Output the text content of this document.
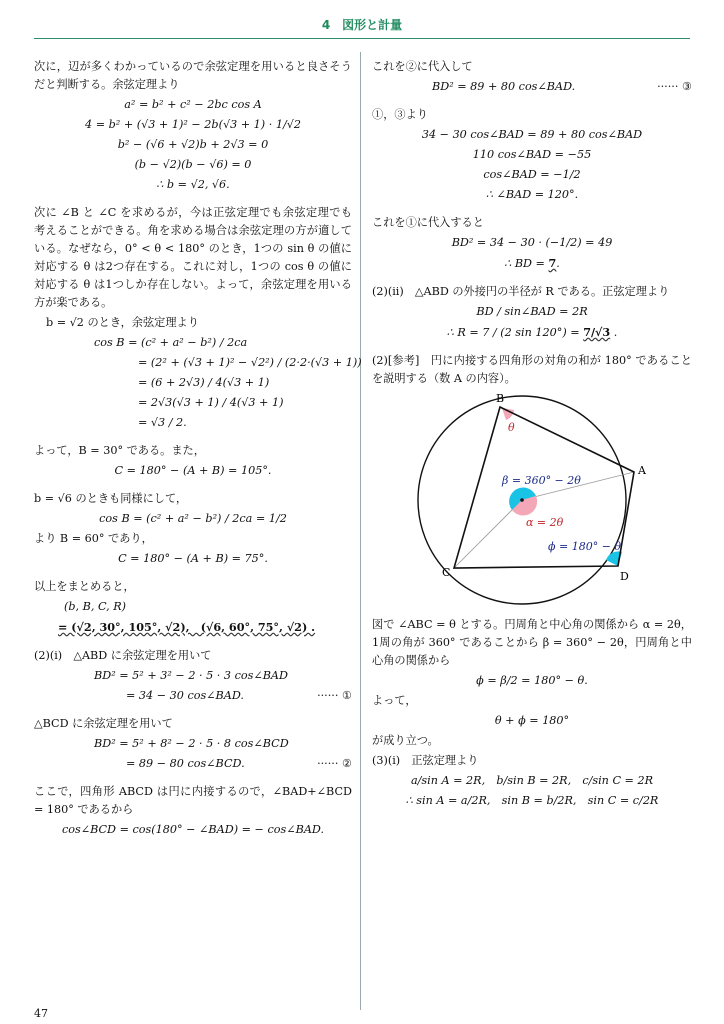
4　図形と計量

次に，辺が多くわかっているので余弦定理を用いると良さそうだと判断する。余弦定理より

a² = b² + c² − 2bc cos A
4 = b² + (√3 + 1)² − 2b(√3 + 1) · 1/√2
b² − (√6 + √2)b + 2√3 = 0
(b − √2)(b − √6) = 0
∴ b = √2, √6.

次に ∠B と ∠C を求めるが，今は正弦定理でも余弦定理でも考えることができる。角を求める場合は余弦定理の方が適している。なぜなら，0° < θ < 180° のとき，1つの sin θ の値に対応する θ は2つ存在する。これに対し，1つの cos θ の値に対応する θ は1つしか存在しない。よって，余弦定理を用いる方が楽である。

b = √2 のとき，余弦定理より

cos B = (c² + a² − b²) / 2ca
= (2² + (√3 + 1)² − √2²) / (2·2·(√3 + 1))
= (6 + 2√3) / 4(√3 + 1)
= 2√3(√3 + 1) / 4(√3 + 1)
= √3 / 2.

よって，B = 30° である。また，

C = 180° − (A + B) = 105°.

b = √6 のときも同様にして，

cos B = (c² + a² − b²) / 2ca = 1/2

より B = 60° であり，

C = 180° − (A + B) = 75°.

以上をまとめると，

(b, B, C, R)
= (√2, 30°, 105°, √2),　(√6, 60°, 75°, √2) .

(2)(i)　△ABD に余弦定理を用いて

BD² = 5² + 3² − 2 · 5 · 3 cos∠BAD
= 34 − 30 cos∠BAD.	······ ①

△BCD に余弦定理を用いて

BD² = 5² + 8² − 2 · 5 · 8 cos∠BCD
= 89 − 80 cos∠BCD.	······ ②

ここで，四角形 ABCD は円に内接するので，∠BAD+∠BCD = 180° であるから

cos∠BCD = cos(180° − ∠BAD) = − cos∠BAD.

これを②に代入して

BD² = 89 + 80 cos∠BAD.	······ ③

①，③より

34 − 30 cos∠BAD = 89 + 80 cos∠BAD
110 cos∠BAD = −55
cos∠BAD = −1/2
∴ ∠BAD = 120°.

これを①に代入すると

BD² = 34 − 30 · (−1/2) = 49
∴ BD = 7.

(2)(ii)　△ABD の外接円の半径が R である。正弦定理より

BD / sin∠BAD = 2R
∴ R = 7 / (2 sin 120°) = 7/√3 .

(2)[参考]　円に内接する四角形の対角の和が 180° であることを説明する（数 A の内容）。

B
A
C	D
θ
β = 360° − 2θ
α = 2θ
ϕ = 180° − θ

図で ∠ABC = θ とする。円周角と中心角の関係から α = 2θ，1周の角が 360° であることから β = 360° − 2θ，円周角と中心角の関係から

ϕ = β/2 = 180° − θ.

よって，

θ + ϕ = 180°

が成り立つ。

(3)(i)　正弦定理より

a/sin A = 2R,　b/sin B = 2R,　c/sin C = 2R
∴ sin A = a/2R,　sin B = b/2R,　sin C = c/2R
47
